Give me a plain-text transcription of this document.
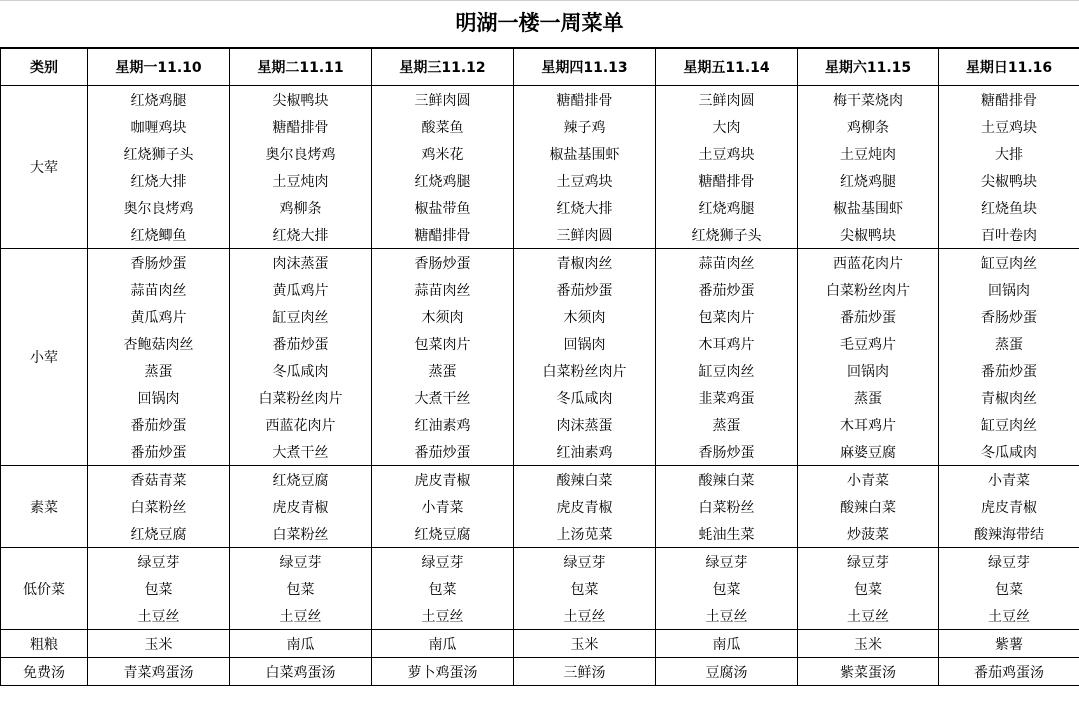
明湖一楼一周菜单
类别	星期一11.10	星期二11.11	星期三11.12	星期四11.13	星期五11.14	星期六11.15	星期日11.16
大荤	红烧鸡腿	尖椒鸭块	三鲜肉圆	糖醋排骨	三鲜肉圆	梅干菜烧肉	糖醋排骨
	咖喱鸡块	糖醋排骨	酸菜鱼	辣子鸡	大肉	鸡柳条	土豆鸡块
	红烧狮子头	奥尔良烤鸡	鸡米花	椒盐基围虾	土豆鸡块	土豆炖肉	大排
	红烧大排	土豆炖肉	红烧鸡腿	土豆鸡块	糖醋排骨	红烧鸡腿	尖椒鸭块
	奥尔良烤鸡	鸡柳条	椒盐带鱼	红烧大排	红烧鸡腿	椒盐基围虾	红烧鱼块
	红烧鲫鱼	红烧大排	糖醋排骨	三鲜肉圆	红烧狮子头	尖椒鸭块	百叶卷肉
小荤	香肠炒蛋	肉沫蒸蛋	香肠炒蛋	青椒肉丝	蒜苗肉丝	西蓝花肉片	缸豆肉丝
	蒜苗肉丝	黄瓜鸡片	蒜苗肉丝	番茄炒蛋	番茄炒蛋	白菜粉丝肉片	回锅肉
	黄瓜鸡片	缸豆肉丝	木须肉	木须肉	包菜肉片	番茄炒蛋	香肠炒蛋
	杏鲍菇肉丝	番茄炒蛋	包菜肉片	回锅肉	木耳鸡片	毛豆鸡片	蒸蛋
	蒸蛋	冬瓜咸肉	蒸蛋	白菜粉丝肉片	缸豆肉丝	回锅肉	番茄炒蛋
	回锅肉	白菜粉丝肉片	大煮干丝	冬瓜咸肉	韭菜鸡蛋	蒸蛋	青椒肉丝
	番茄炒蛋	西蓝花肉片	红油素鸡	肉沫蒸蛋	蒸蛋	木耳鸡片	缸豆肉丝
	番茄炒蛋	大煮干丝	番茄炒蛋	红油素鸡	香肠炒蛋	麻婆豆腐	冬瓜咸肉
素菜	香菇青菜	红烧豆腐	虎皮青椒	酸辣白菜	酸辣白菜	小青菜	小青菜
	白菜粉丝	虎皮青椒	小青菜	虎皮青椒	白菜粉丝	酸辣白菜	虎皮青椒
	红烧豆腐	白菜粉丝	红烧豆腐	上汤苋菜	蚝油生菜	炒菠菜	酸辣海带结
低价菜	绿豆芽	绿豆芽	绿豆芽	绿豆芽	绿豆芽	绿豆芽	绿豆芽
	包菜	包菜	包菜	包菜	包菜	包菜	包菜
	土豆丝	土豆丝	土豆丝	土豆丝	土豆丝	土豆丝	土豆丝
粗粮	玉米	南瓜	南瓜	玉米	南瓜	玉米	紫薯
免费汤	青菜鸡蛋汤	白菜鸡蛋汤	萝卜鸡蛋汤	三鲜汤	豆腐汤	紫菜蛋汤	番茄鸡蛋汤
